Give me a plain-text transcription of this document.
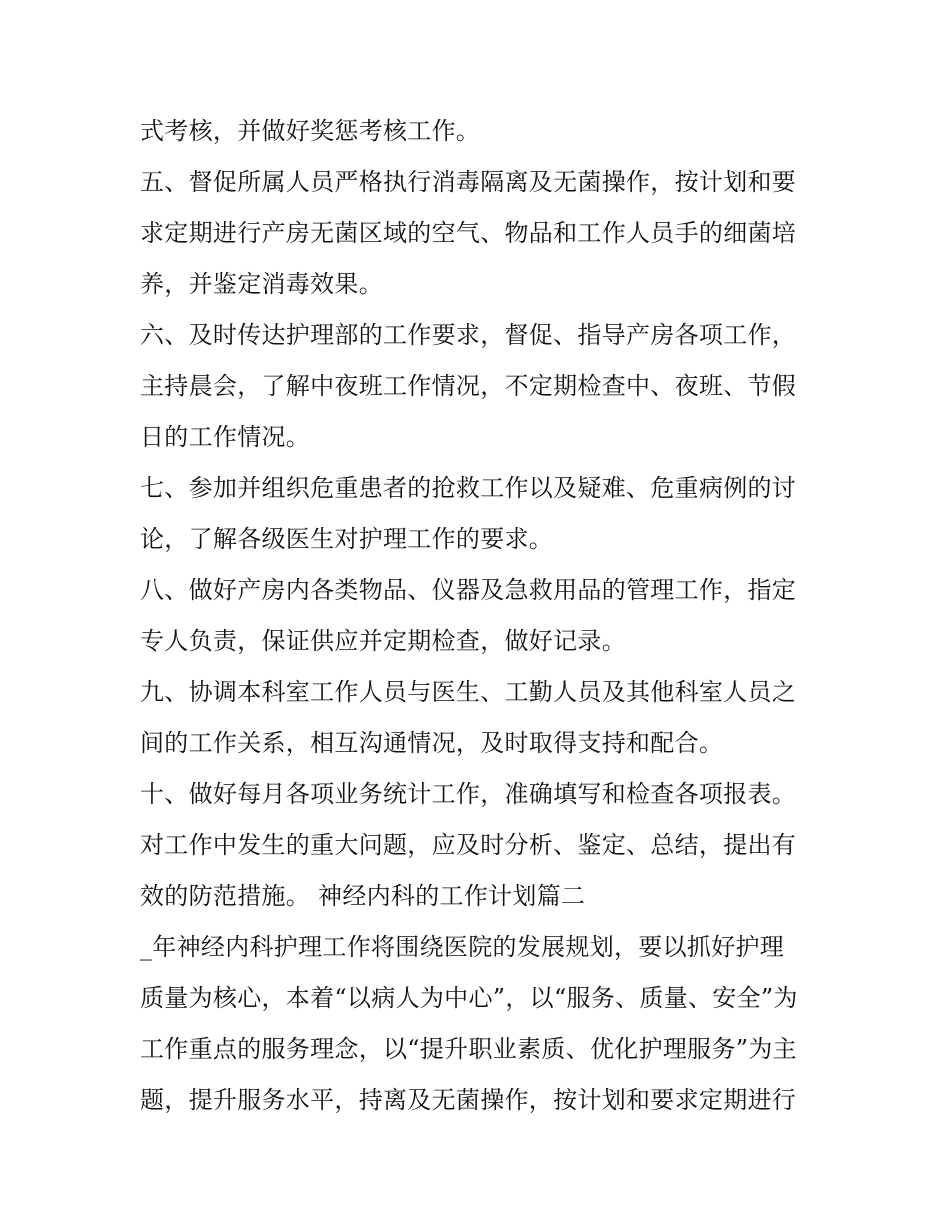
式考核，并做好奖惩考核工作。
五、督促所属人员严格执行消毒隔离及无菌操作，按计划和要
求定期进行产房无菌区域的空气、物品和工作人员手的细菌培
养，并鉴定消毒效果。
六、及时传达护理部的工作要求，督促、指导产房各项工作，
主持晨会，了解中夜班工作情况，不定期检查中、夜班、节假
日的工作情况。
七、参加并组织危重患者的抢救工作以及疑难、危重病例的讨
论，了解各级医生对护理工作的要求。
八、做好产房内各类物品、仪器及急救用品的管理工作，指定
专人负责，保证供应并定期检查，做好记录。
九、协调本科室工作人员与医生、工勤人员及其他科室人员之
间的工作关系，相互沟通情况，及时取得支持和配合。
十、做好每月各项业务统计工作，准确填写和检查各项报表。
对工作中发生的重大问题，应及时分析、鉴定、总结，提出有
效的防范措施。 神经内科的工作计划篇二
_年神经内科护理工作将围绕医院的发展规划，要以抓好护理
质量为核心，本着“以病人为中心”，以“服务、质量、安全”为
工作重点的服务理念，以“提升职业素质、优化护理服务”为主
题，提升服务水平，持离及无菌操作，按计划和要求定期进行
